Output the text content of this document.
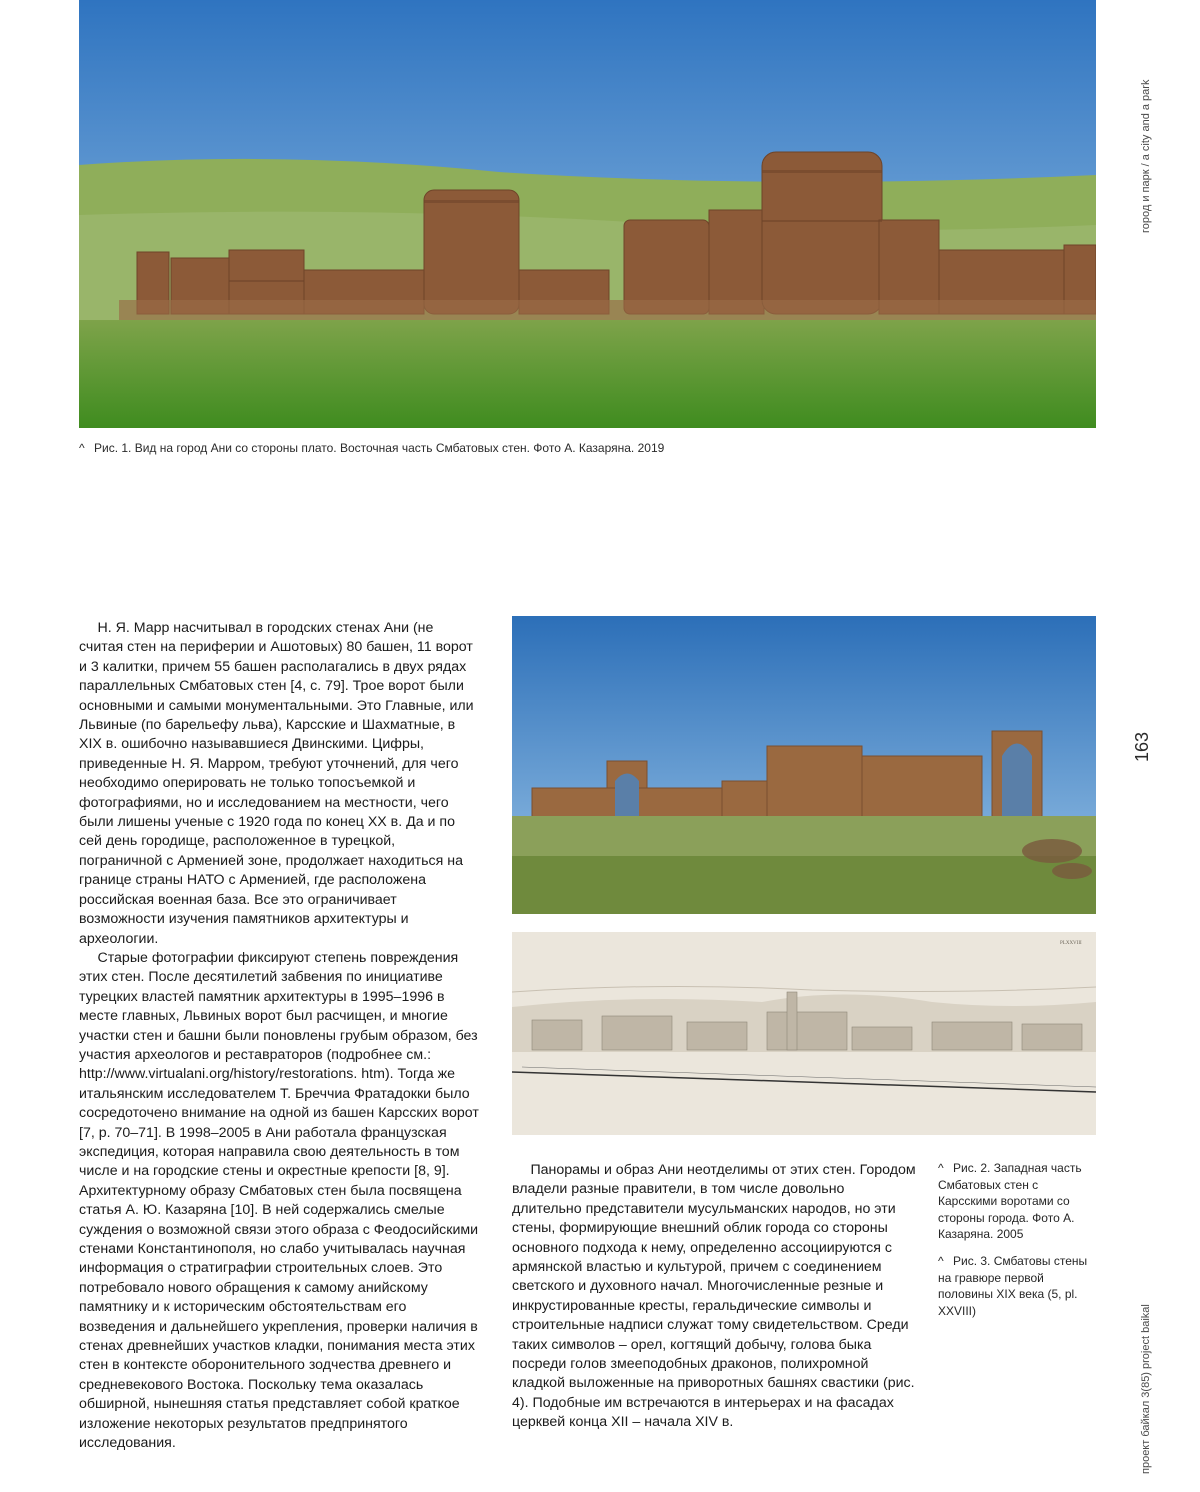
^ Рис. 1. Вид на город Ани со стороны плато. Восточная часть Смбатовых стен. Фото А. Казаряна. 2019
PLXXVIII

Н. Я. Марр насчитывал в городских стенах Ани (не считая стен на периферии и Ашотовых) 80 башен, 11 ворот и 3 калитки, причем 55 башен располагались в двух рядах параллельных Смбатовых стен [4, с. 79]. Трое ворот были основными и самыми монументальными. Это Главные, или Львиные (по барельефу льва), Карсские и Шахматные, в XIX в. ошибочно называвшиеся Двинскими. Цифры, приведенные Н. Я. Марром, требуют уточнений, для чего необходимо оперировать не только топосъемкой и фотографиями, но и исследованием на местности, чего были лишены ученые с 1920 года по конец XX в. Да и по сей день городище, расположенное в турецкой, пограничной с Арменией зоне, продолжает находиться на границе страны НАТО с Арменией, где расположена российская военная база. Все это ограничивает возможности изучения памятников архитектуры и археологии.

Старые фотографии фиксируют степень повреждения этих стен. После десятилетий забвения по инициативе турецких властей памятник архитектуры в 1995–1996 в месте главных, Львиных ворот был расчищен, и многие участки стен и башни были поновлены грубым образом, без участия археологов и реставраторов (подробнее см.: http://www.virtualani.org/history/restorations. htm). Тогда же итальянским исследователем Т. Бреччиа Фратадокки было сосредоточено внимание на одной из башен Карсских ворот [7, p. 70–71]. В 1998–2005 в Ани работала французская экспедиция, которая направила свою деятельность в том числе и на городские стены и окрестные крепости [8, 9]. Архитектурному образу Смбатовых стен была посвящена статья А. Ю. Казаряна [10]. В ней содержались смелые суждения о возможной связи этого образа с Феодосийскими стенами Константинополя, но слабо учитывалась научная информация о стратиграфии строительных слоев. Это потребовало нового обращения к самому анийскому памятнику и к историческим обстоятельствам его возведения и дальнейшего укрепления, проверки наличия в стенах древнейших участков кладки, понимания места этих стен в контексте оборонительного зодчества древнего и средневекового Востока. Поскольку тема оказалась обширной, нынешняя статья представляет собой краткое изложение некоторых результатов предпринятого исследования.

Панорамы и образ Ани неотделимы от этих стен. Городом владели разные правители, в том числе довольно длительно представители мусульманских народов, но эти стены, формирующие внешний облик города со стороны основного подхода к нему, определенно ассоциируются с армянской властью и культурой, причем с соединением светского и духовного начал. Многочисленные резные и инкрустированные кресты, геральдические символы и строительные надписи служат тому свидетельством. Среди таких символов – орел, когтящий добычу, голова быка посреди голов змееподобных драконов, полихромной кладкой выложенные на приворотных башнях свастики (рис. 4). Подобные им встречаются в интерьерах и на фасадах церквей конца XII – начала XIV в.

^ Рис. 2. Западная часть Смбатовых стен с Карсскими воротами со стороны города. Фото А. Казаряна. 2005

^ Рис. 3. Смбатовы стены на гравюре первой половины XIX века (5, pl. XXVIII)

город и парк / a city and a park
163
проект байкал 3(85) project baikal
